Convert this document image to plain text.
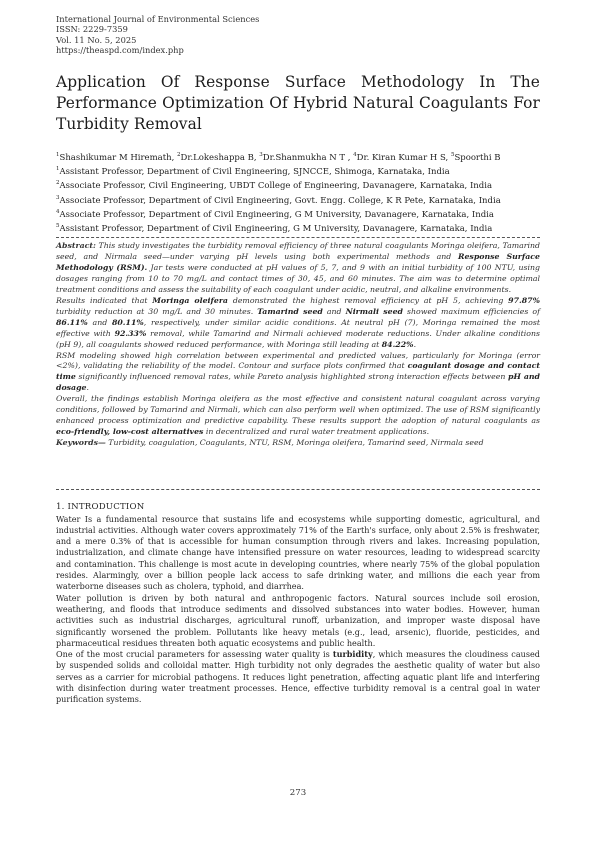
International Journal of Environmental Sciences
ISSN: 2229-7359
Vol. 11 No. 5, 2025
https://theaspd.com/index.php
Application Of Response Surface Methodology In The Performance Optimization Of Hybrid Natural Coagulants For Turbidity Removal
$^1$Shashikumar M Hiremath, $^2$Dr.Lokeshappa B, $^3$Dr.Shanmukha N T , $^4$Dr. Kiran Kumar H S, $^5$Spoorthi B
$^1$Assistant Professor, Department of Civil Engineering, SJNCCE, Shimoga, Karnataka, India
$^2$Associate Professor, Civil Engineering, UBDT College of Engineering, Davanagere, Karnataka, India
$^3$Associate Professor, Department of Civil Engineering, Govt. Engg. College, K R Pete, Karnataka, India
$^4$Associate Professor, Department of Civil Engineering, G M University, Davanagere, Karnataka, India
$^5$Assistant Professor, Department of Civil Engineering, G M University, Davanagere, Karnataka, India

Abstract: This study investigates the turbidity removal efficiency of three natural coagulants Moringa oleifera, Tamarind seed, and Nirmala seed—under varying pH levels using both experimental methods and Response Surface Methodology (RSM). Jar tests were conducted at pH values of 5, 7, and 9 with an initial turbidity of 100 NTU, using dosages ranging from 10 to 70 mg/L and contact times of 30, 45, and 60 minutes. The aim was to determine optimal treatment conditions and assess the suitability of each coagulant under acidic, neutral, and alkaline environments.

Results indicated that Moringa oleifera demonstrated the highest removal efficiency at pH 5, achieving 97.87% turbidity reduction at 30 mg/L and 30 minutes. Tamarind seed and Nirmali seed showed maximum efficiencies of 86.11% and 80.11%, respectively, under similar acidic conditions. At neutral pH (7), Moringa remained the most effective with 92.33% removal, while Tamarind and Nirmali achieved moderate reductions. Under alkaline conditions (pH 9), all coagulants showed reduced performance, with Moringa still leading at 84.22%.

RSM modeling showed high correlation between experimental and predicted values, particularly for Moringa (error <2%), validating the reliability of the model. Contour and surface plots confirmed that coagulant dosage and contact time significantly influenced removal rates, while Pareto analysis highlighted strong interaction effects between pH and dosage.

Overall, the findings establish Moringa oleifera as the most effective and consistent natural coagulant across varying conditions, followed by Tamarind and Nirmali, which can also perform well when optimized. The use of RSM significantly enhanced process optimization and predictive capability. These results support the adoption of natural coagulants as eco-friendly, low-cost alternatives in decentralized and rural water treatment applications.

Keywords— Turbidity, coagulation, Coagulants, NTU, RSM, Moringa oleifera, Tamarind seed, Nirmala seed

1. INTRODUCTION

Water Is a fundamental resource that sustains life and ecosystems while supporting domestic, agricultural, and industrial activities. Although water covers approximately 71% of the Earth's surface, only about 2.5% is freshwater, and a mere 0.3% of that is accessible for human consumption through rivers and lakes. Increasing population, industrialization, and climate change have intensified pressure on water resources, leading to widespread scarcity and contamination. This challenge is most acute in developing countries, where nearly 75% of the global population resides. Alarmingly, over a billion people lack access to safe drinking water, and millions die each year from waterborne diseases such as cholera, typhoid, and diarrhea.

Water pollution is driven by both natural and anthropogenic factors. Natural sources include soil erosion, weathering, and floods that introduce sediments and dissolved substances into water bodies. However, human activities such as industrial discharges, agricultural runoff, urbanization, and improper waste disposal have significantly worsened the problem. Pollutants like heavy metals (e.g., lead, arsenic), fluoride, pesticides, and pharmaceutical residues threaten both aquatic ecosystems and public health.

One of the most crucial parameters for assessing water quality is turbidity, which measures the cloudiness caused by suspended solids and colloidal matter. High turbidity not only degrades the aesthetic quality of water but also serves as a carrier for microbial pathogens. It reduces light penetration, affecting aquatic plant life and interfering with disinfection during water treatment processes. Hence, effective turbidity removal is a central goal in water purification systems.

273
